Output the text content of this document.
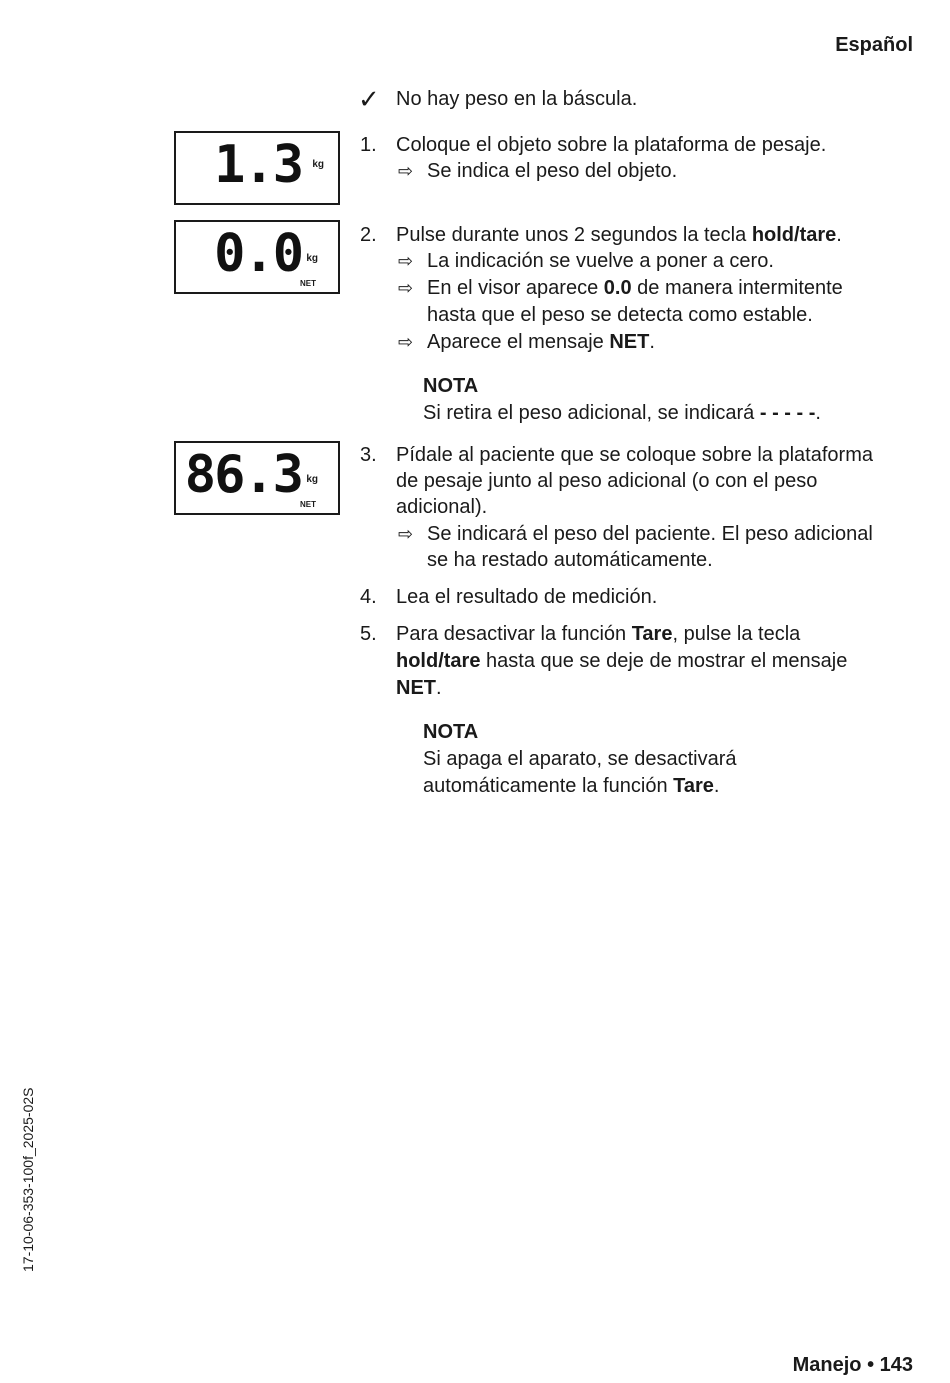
Español
Manejo • 143
17-10-06-353-100f_2025-02S
✓ No hay peso en la báscula.
1.3 kg
0.0 kg
NET
86.3 kg
NET
1. Coloque el objeto sobre la plataforma de pesaje.
⇨ Se indica el peso del objeto.
2. Pulse durante unos 2 segundos la tecla hold/tare.
⇨ La indicación se vuelve a poner a cero.
⇨ En el visor aparece 0.0 de manera intermitente
hasta que el peso se detecta como estable.
⇨ Aparece el mensaje NET.
NOTA
Si retira el peso adicional, se indicará - - - - -.
3. Pídale al paciente que se coloque sobre la plataforma
de pesaje junto al peso adicional (o con el peso
adicional).
⇨ Se indicará el peso del paciente. El peso adicional
se ha restado automáticamente.
4. Lea el resultado de medición.
5. Para desactivar la función Tare, pulse la tecla
hold/tare hasta que se deje de mostrar el mensaje
NET.
NOTA
Si apaga el aparato, se desactivará
automáticamente la función Tare.
